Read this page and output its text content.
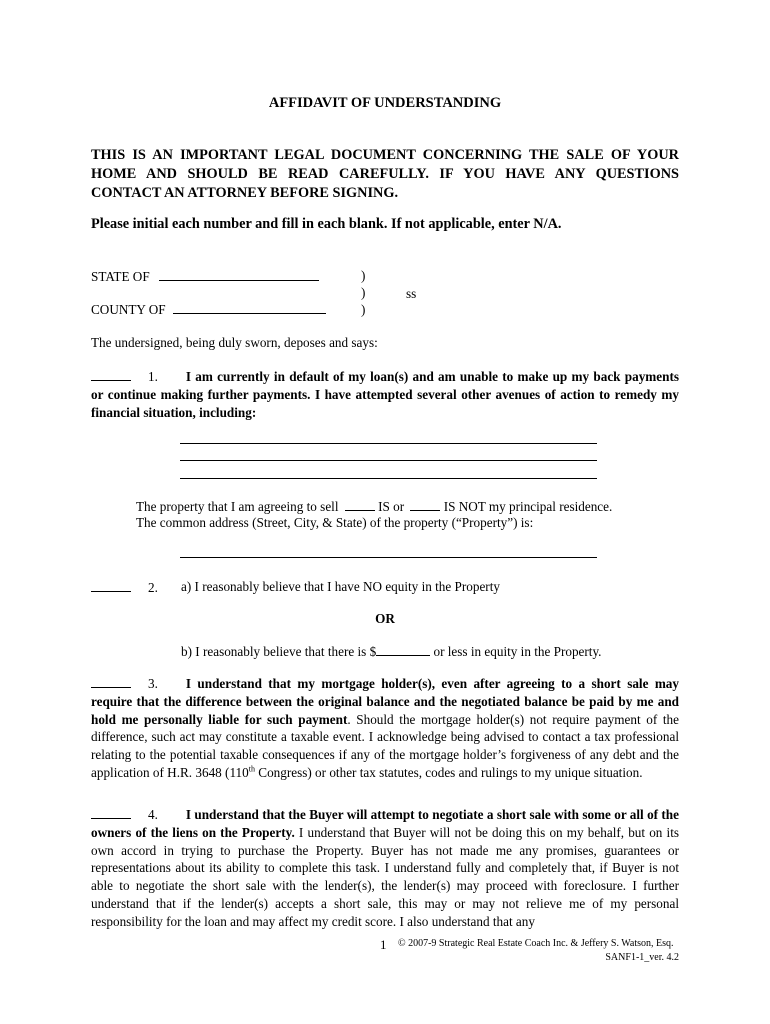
AFFIDAVIT OF UNDERSTANDING

THIS IS AN IMPORTANT LEGAL DOCUMENT CONCERNING THE SALE OF YOUR HOME AND SHOULD BE READ CAREFULLY. IF YOU HAVE ANY QUESTIONS CONTACT AN ATTORNEY BEFORE SIGNING.

Please initial each number and fill in each blank. If not applicable, enter N/A.

STATE OF
COUNTY OF
)
)
)
ss

The undersigned, being duly sworn, deposes and says:

1. I am currently in default of my loan(s) and am unable to make up my back payments or continue making further payments. I have attempted several other avenues of action to remedy my financial situation, including:

The property that I am agreeing to sell	IS or	IS NOT my principal residence.

The common address (Street, City, & State) of the property (“Property”) is:

2. a) I reasonably believe that I have NO equity in the Property

OR

b) I reasonably believe that there is $	or less in equity in the Property.

3. I understand that my mortgage holder(s), even after agreeing to a short sale may require that the difference between the original balance and the negotiated balance be paid by me and hold me personally liable for such payment. Should the mortgage holder(s) not require payment of the difference, such act may constitute a taxable event. I acknowledge being advised to contact a tax professional relating to the potential taxable consequences if any of the mortgage holder’s forgiveness of any debt and the application of H.R. 3648 (110th Congress) or other tax statutes, codes and rulings to my unique situation.

4. I understand that the Buyer will attempt to negotiate a short sale with some or all of the owners of the liens on the Property. I understand that Buyer will not be doing this on my behalf, but on its own accord in trying to purchase the Property. Buyer has not made me any promises, guarantees or representations about its ability to complete this task. I understand fully and completely that, if Buyer is not able to negotiate the short sale with the lender(s), the lender(s) may proceed with foreclosure. I further understand that if the lender(s) accepts a short sale, this may or may not relieve me of my personal responsibility for the loan and may affect my credit score. I also understand that any

1 © 2007-9 Strategic Real Estate Coach Inc. & Jeffery S. Watson, Esq.
SANF1-1_ver. 4.2
